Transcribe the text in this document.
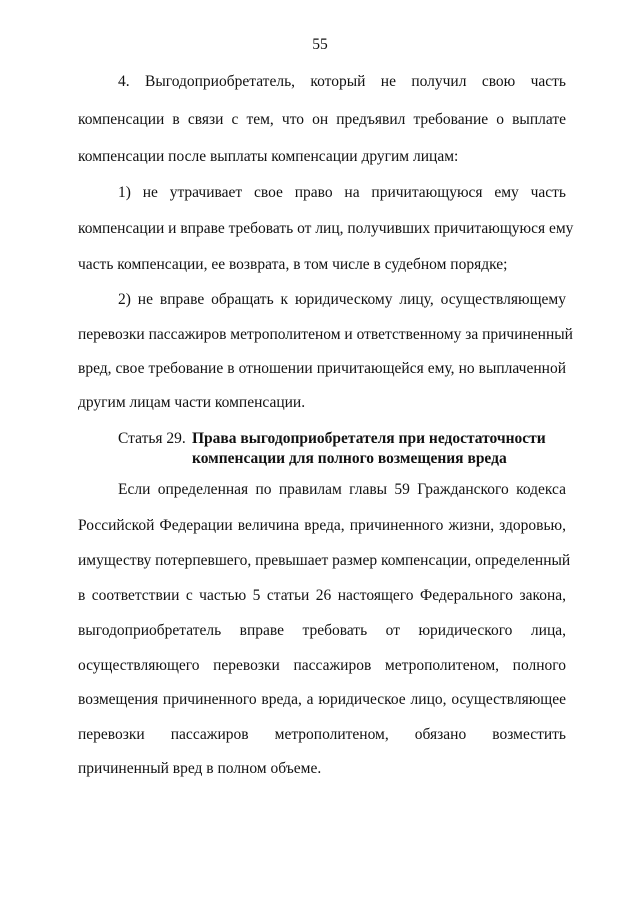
55
4. Выгодоприобретатель, который не получил свою часть
компенсации в связи с тем, что он предъявил требование о выплате
компенсации после выплаты компенсации другим лицам:
1) не утрачивает свое право на причитающуюся ему часть
компенсации и вправе требовать от лиц, получивших причитающуюся ему
часть компенсации, ее возврата, в том числе в судебном порядке;
2) не вправе обращать к юридическому лицу, осуществляющему
перевозки пассажиров метрополитеном и ответственному за причиненный
вред, свое требование в отношении причитающейся ему, но выплаченной
другим лицам части компенсации.
Статья 29. Права выгодоприобретателя при недостаточности
компенсации для полного возмещения вреда
Если определенная по правилам главы 59 Гражданского кодекса
Российской Федерации величина вреда, причиненного жизни, здоровью,
имуществу потерпевшего, превышает размер компенсации, определенный
в соответствии с частью 5 статьи 26 настоящего Федерального закона,
выгодоприобретатель вправе требовать от юридического лица,
осуществляющего перевозки пассажиров метрополитеном, полного
возмещения причиненного вреда, а юридическое лицо, осуществляющее
перевозки пассажиров метрополитеном, обязано возместить
причиненный вред в полном объеме.
